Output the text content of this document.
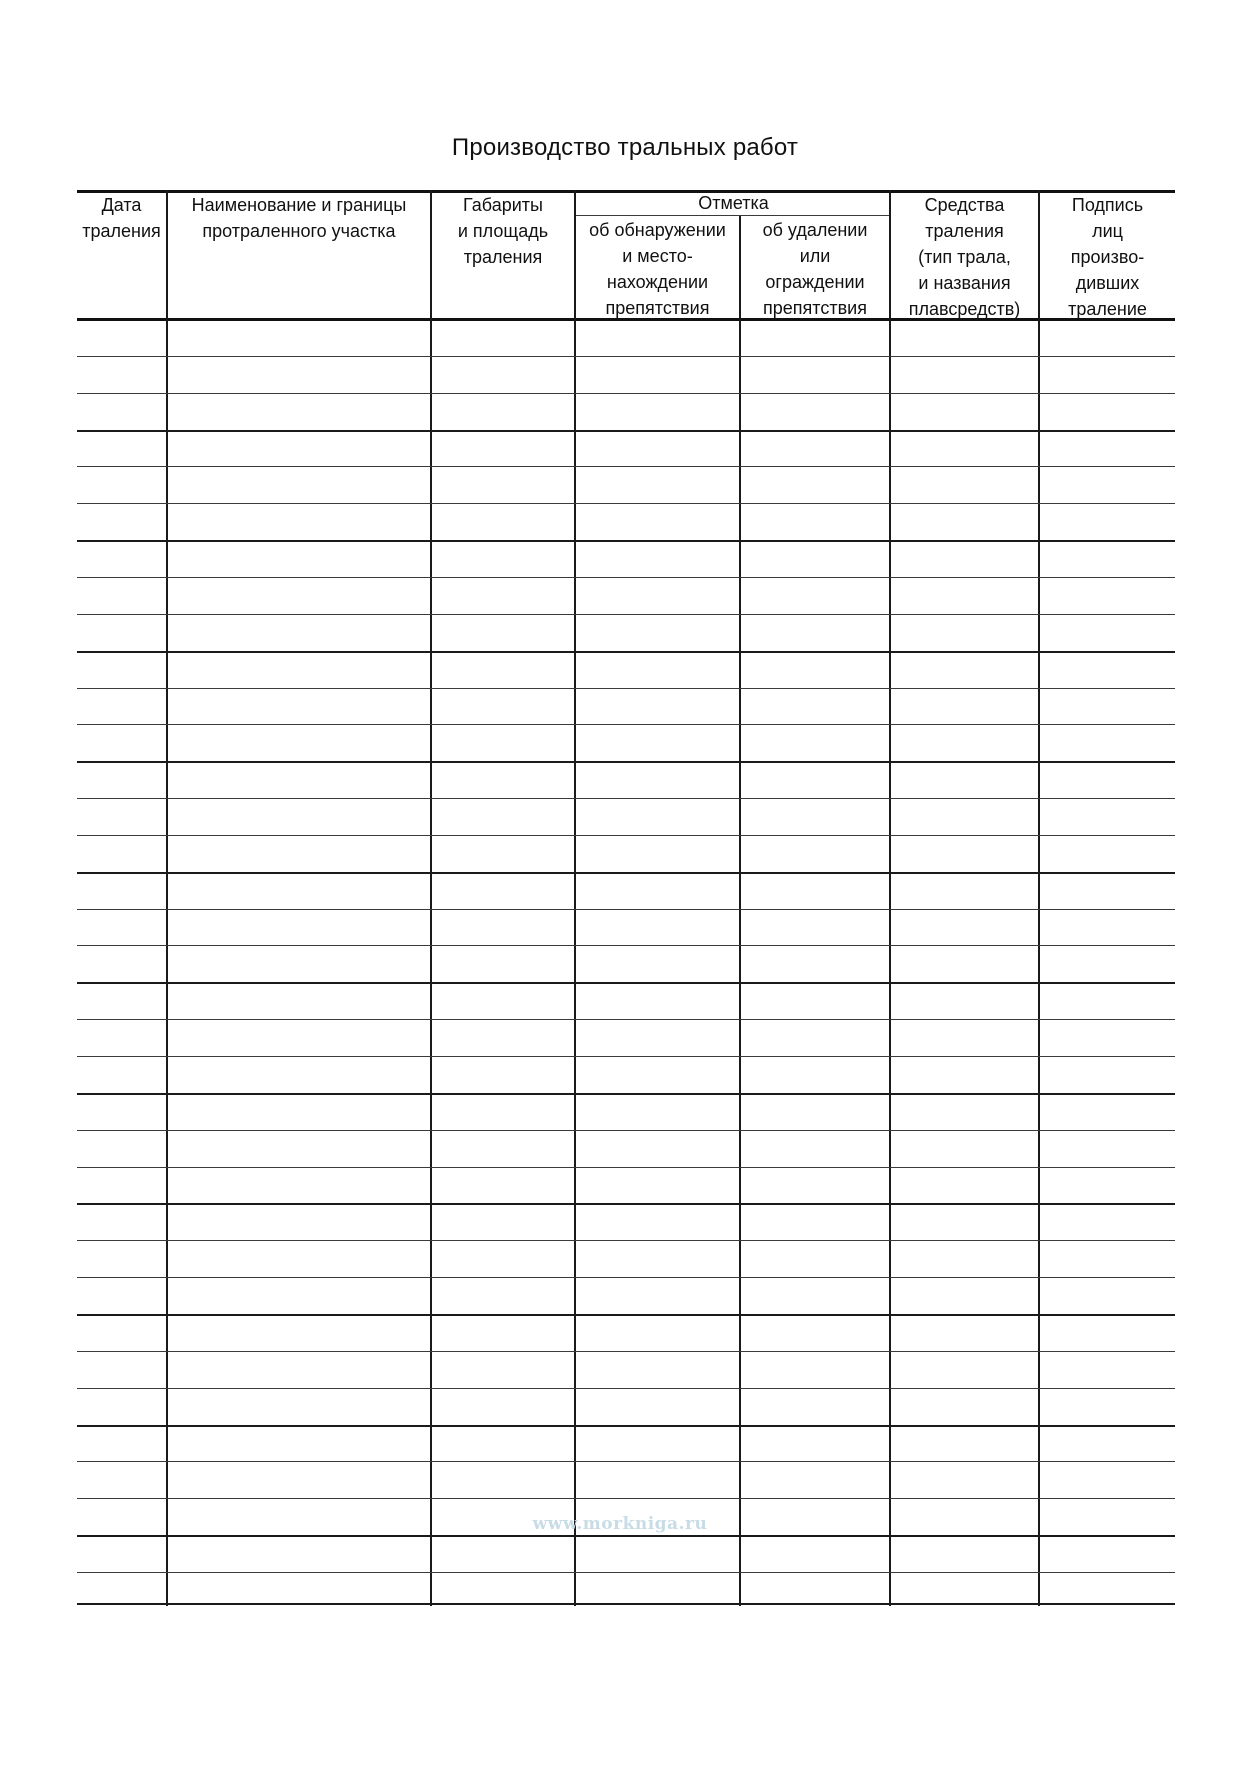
Производство тральных работ
Дата
траления
Наименование и границы
протраленного участка
Габариты
и площадь
траления
Отметка
об обнаружении
и место-
нахождении
препятствия
об удалении
или
ограждении
препятствия
Средства
траления
(тип трала,
и названия
плавсредств)
Подпись
лиц
произво-
дивших
траление
www.morkniga.ru
